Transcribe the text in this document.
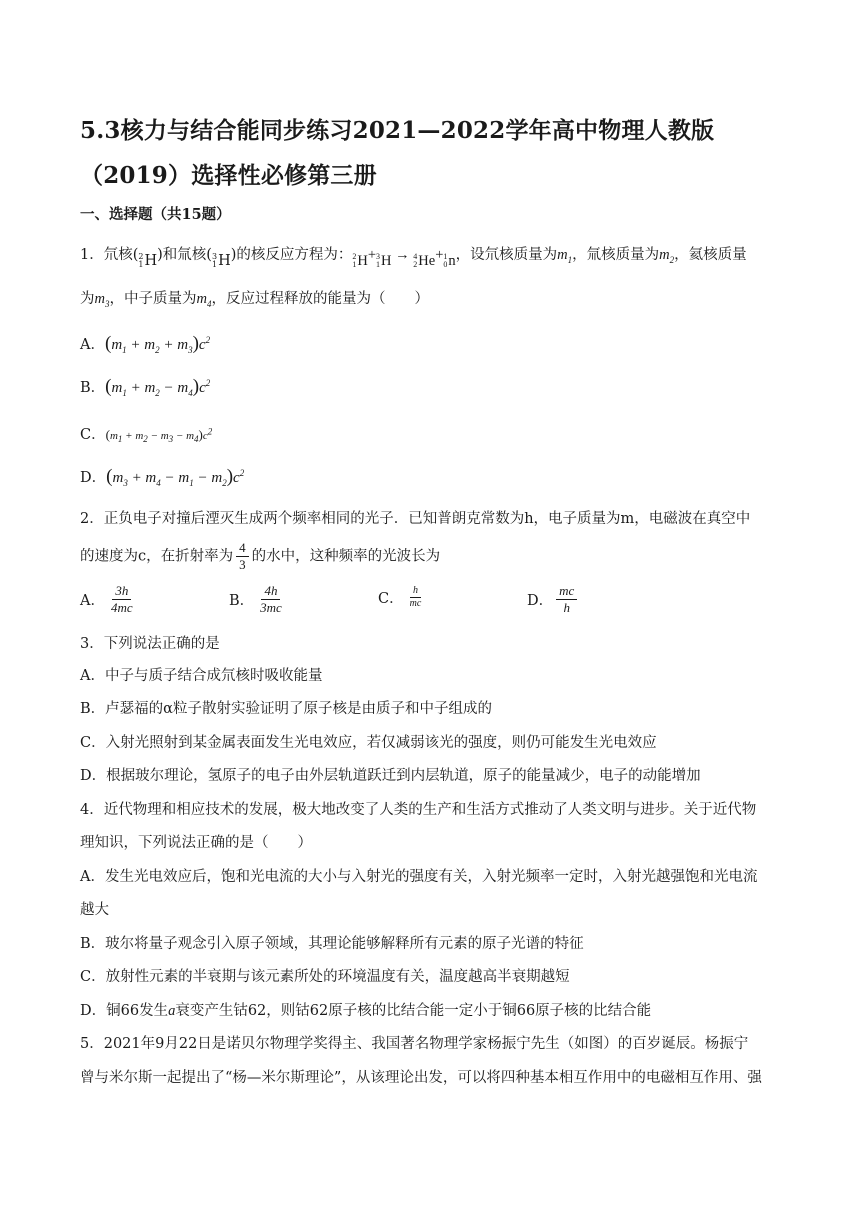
5.3核力与结合能同步练习2021—2022学年高中物理人教版（2019）选择性必修第三册
一、选择题（共15题）
1．氘核( 2
1 H )和氚核( 3
1 H )的核反应方程为： 2
1 H+ 3
1 H → 4
2 He+ 1
0 n，设氘核质量为$m_1$，氚核质量为$m_2$，氦核质量
为$m_3$，中子质量为$m_4$，反应过程释放的能量为（　　）
A．$(m_1 + m_2 + m_3)c^2$
B．$(m_1 + m_2 - m_4)c^2$
C．$(m_1 + m_2 - m_3 - m_4)c^2$
D．$(m_3 + m_4 - m_1 - m_2)c^2$
2．正负电子对撞后湮灭生成两个频率相同的光子．已知普朗克常数为h，电子质量为m，电磁波在真空中
的速度为c，在折射率为 $\frac{4}{3}$ 的水中，这种频率的光波长为
A． $\frac{3h}{4mc}$	B． $\frac{4h}{3mc}$	C． $\frac{h}{mc}$	D． $\frac{mc}{h}$
3．下列说法正确的是
A．中子与质子结合成氘核时吸收能量
B．卢瑟福的α粒子散射实验证明了原子核是由质子和中子组成的
C．入射光照射到某金属表面发生光电效应，若仅减弱该光的强度，则仍可能发生光电效应
D．根据玻尔理论，氢原子的电子由外层轨道跃迁到内层轨道，原子的能量减少，电子的动能增加
4．近代物理和相应技术的发展，极大地改变了人类的生产和生活方式推动了人类文明与进步。关于近代物
理知识，下列说法正确的是（　　）
A．发生光电效应后，饱和光电流的大小与入射光的强度有关，入射光频率一定时，入射光越强饱和光电流
越大
B．玻尔将量子观念引入原子领域，其理论能够解释所有元素的原子光谱的特征
C．放射性元素的半衰期与该元素所处的环境温度有关，温度越高半衰期越短
D．铜66发生a衰变产生钴62，则钴62原子核的比结合能一定小于铜66原子核的比结合能
5．2021年9月22日是诺贝尔物理学奖得主、我国著名物理学家杨振宁先生（如图）的百岁诞辰。杨振宁
曾与米尔斯一起提出了“杨—米尔斯理论”，从该理论出发，可以将四种基本相互作用中的电磁相互作用、强
